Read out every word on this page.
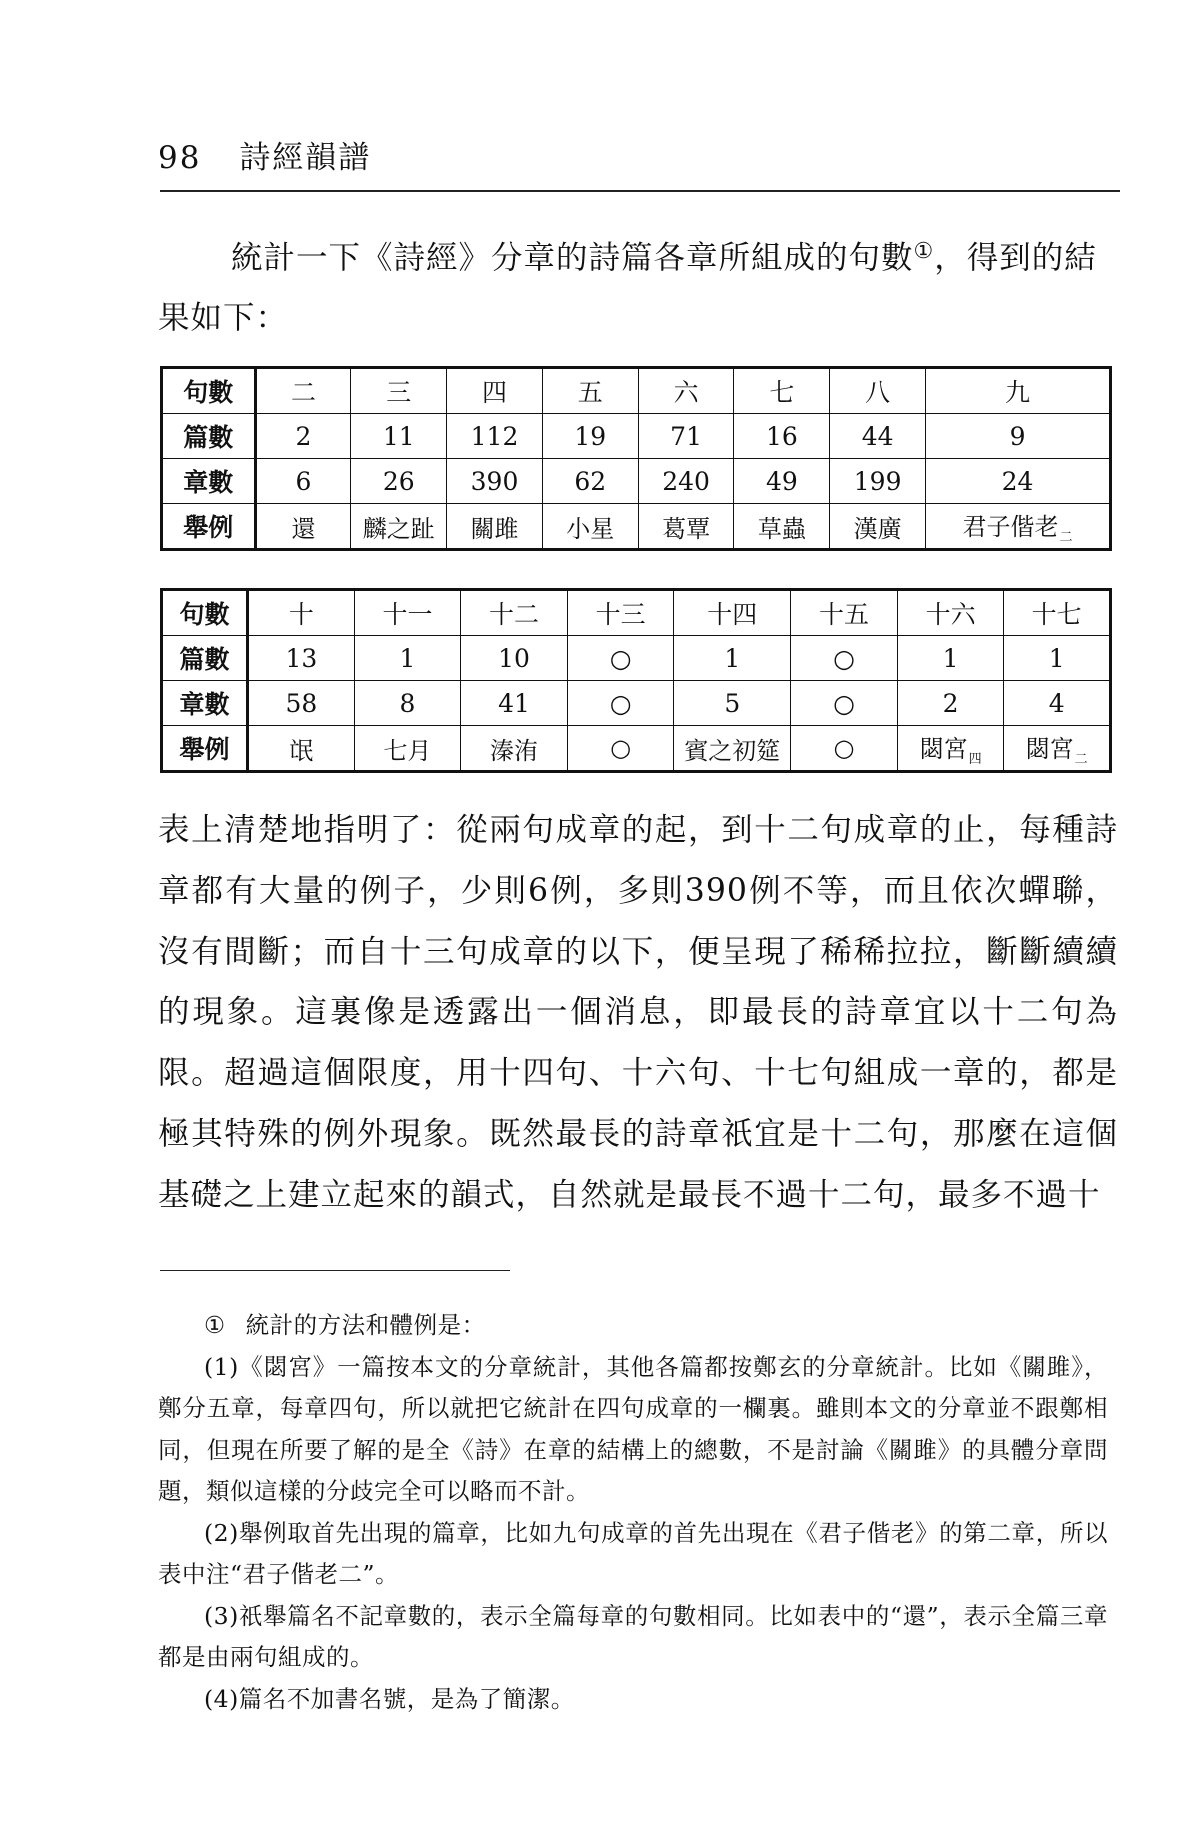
98 詩經韻譜
統計一下《詩經》分章的詩篇各章所組成的句數①，得到的結果如下：
句數	二	三	四	五	六	七	八	九
篇數	2	11	112	19	71	16	44	9
章數	6	26	390	62	240	49	199	24
舉例	還	麟之趾	關雎	小星	葛覃	草蟲	漢廣	君子偕老$_二$
句數	十	十一	十二	十三	十四	十五	十六	十七
篇數	13	1	10	○	1	○	1	1
章數	58	8	41	○	5	○	2	4
舉例	氓	七月	溱洧	○	賓之初筵	○	閟宮$_四$	閟宮$_二$
表上清楚地指明了：從兩句成章的起，到十二句成章的止，每種詩章都有大量的例子，少則6例，多則390例不等，而且依次蟬聯，沒有間斷；而自十三句成章的以下，便呈現了稀稀拉拉，斷斷續續的現象。這裏像是透露出一個消息，即最長的詩章宜以十二句為限。超過這個限度，用十四句、十六句、十七句組成一章的，都是極其特殊的例外現象。既然最長的詩章祇宜是十二句，那麼在這個基礎之上建立起來的韻式，自然就是最長不過十二句，最多不過十

① 統計的方法和體例是：

(1)《閟宮》一篇按本文的分章統計，其他各篇都按鄭玄的分章統計。比如《關雎》，鄭分五章，每章四句，所以就把它統計在四句成章的一欄裏。雖則本文的分章並不跟鄭相同，但現在所要了解的是全《詩》在章的結構上的總數，不是討論《關雎》的具體分章問題，類似這樣的分歧完全可以略而不計。

(2)舉例取首先出現的篇章，比如九句成章的首先出現在《君子偕老》的第二章，所以表中注“君子偕老二”。

(3)祇舉篇名不記章數的，表示全篇每章的句數相同。比如表中的“還”，表示全篇三章都是由兩句組成的。

(4)篇名不加書名號，是為了簡潔。
